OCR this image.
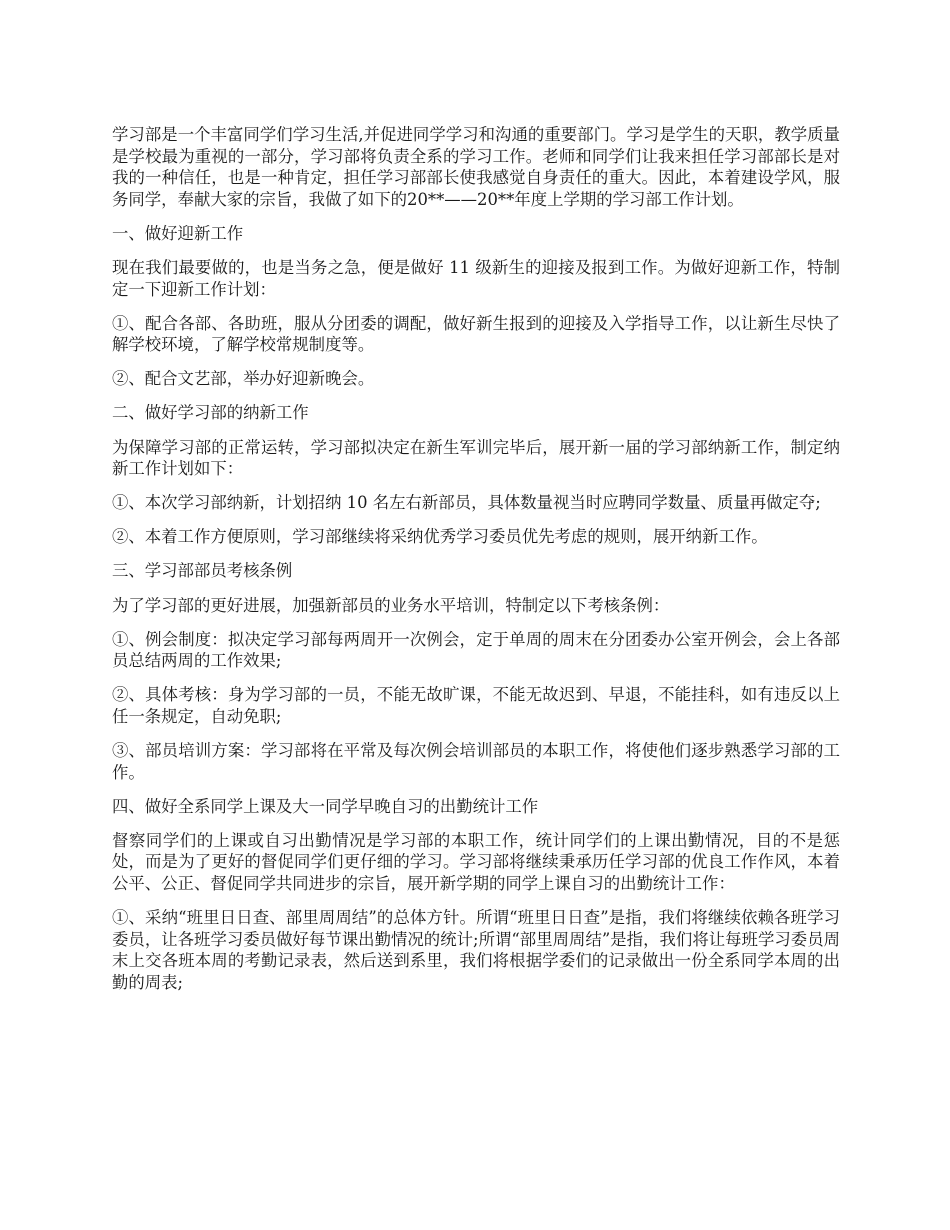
学习部是一个丰富同学们学习生活,并促进同学学习和沟通的重要部门。学习是学生的天职，教学质量是学校最为重视的一部分，学习部将负责全系的学习工作。老师和同学们让我来担任学习部部长是对我的一种信任，也是一种肯定，担任学习部部长使我感觉自身责任的重大。因此，本着建设学风，服务同学，奉献大家的宗旨，我做了如下的20**——20**年度上学期的学习部工作计划。

一、做好迎新工作

现在我们最要做的，也是当务之急，便是做好 11 级新生的迎接及报到工作。为做好迎新工作，特制定一下迎新工作计划：

①、配合各部、各助班，服从分团委的调配，做好新生报到的迎接及入学指导工作，以让新生尽快了解学校环境，了解学校常规制度等。

②、配合文艺部，举办好迎新晚会。

二、做好学习部的纳新工作

为保障学习部的正常运转，学习部拟决定在新生军训完毕后，展开新一届的学习部纳新工作，制定纳新工作计划如下：

①、本次学习部纳新，计划招纳 10 名左右新部员，具体数量视当时应聘同学数量、质量再做定夺;

②、本着工作方便原则，学习部继续将采纳优秀学习委员优先考虑的规则，展开纳新工作。

三、学习部部员考核条例

为了学习部的更好进展，加强新部员的业务水平培训，特制定以下考核条例：

①、例会制度：拟决定学习部每两周开一次例会，定于单周的周末在分团委办公室开例会，会上各部员总结两周的工作效果;

②、具体考核：身为学习部的一员，不能无故旷课，不能无故迟到、早退，不能挂科，如有违反以上任一条规定，自动免职;

③、部员培训方案：学习部将在平常及每次例会培训部员的本职工作，将使他们逐步熟悉学习部的工作。

四、做好全系同学上课及大一同学早晚自习的出勤统计工作

督察同学们的上课或自习出勤情况是学习部的本职工作，统计同学们的上课出勤情况，目的不是惩处，而是为了更好的督促同学们更仔细的学习。学习部将继续秉承历任学习部的优良工作作风，本着公平、公正、督促同学共同进步的宗旨，展开新学期的同学上课自习的出勤统计工作：

①、采纳“班里日日查、部里周周结”的总体方针。所谓“班里日日查”是指，我们将继续依赖各班学习委员，让各班学习委员做好每节课出勤情况的统计;所谓“部里周周结”是指，我们将让每班学习委员周末上交各班本周的考勤记录表，然后送到系里，我们将根据学委们的记录做出一份全系同学本周的出勤的周表;
